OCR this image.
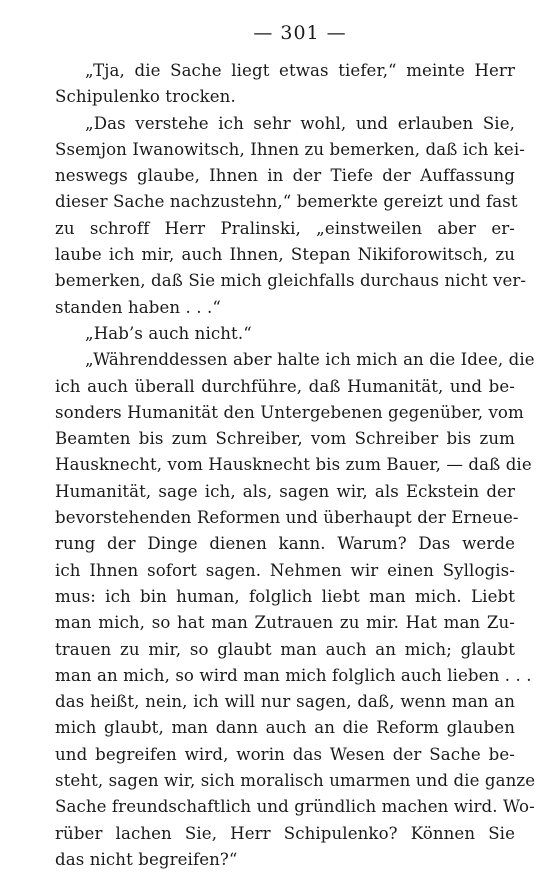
— 301 —
„Tja, die Sache liegt etwas tiefer,“ meinte Herr
Schipulenko trocken.
„Das verstehe ich sehr wohl, und erlauben Sie,
Ssemjon Iwanowitsch, Ihnen zu bemerken, daß ich kei-
neswegs glaube, Ihnen in der Tiefe der Auffassung
dieser Sache nachzustehn,“ bemerkte gereizt und fast
zu schroff Herr Pralinski, „einstweilen aber er-
laube ich mir, auch Ihnen, Stepan Nikiforowitsch, zu
bemerken, daß Sie mich gleichfalls durchaus nicht ver-
standen haben . . .“
„Hab’s auch nicht.“
„Währenddessen aber halte ich mich an die Idee, die
ich auch überall durchführe, daß Humanität, und be-
sonders Humanität den Untergebenen gegenüber, vom
Beamten bis zum Schreiber, vom Schreiber bis zum
Hausknecht, vom Hausknecht bis zum Bauer, — daß die
Humanität, sage ich, als, sagen wir, als Eckstein der
bevorstehenden Reformen und überhaupt der Erneue-
rung der Dinge dienen kann. Warum? Das werde
ich Ihnen sofort sagen. Nehmen wir einen Syllogis-
mus: ich bin human, folglich liebt man mich. Liebt
man mich, so hat man Zutrauen zu mir. Hat man Zu-
trauen zu mir, so glaubt man auch an mich; glaubt
man an mich, so wird man mich folglich auch lieben . . .
das heißt, nein, ich will nur sagen, daß, wenn man an
mich glaubt, man dann auch an die Reform glauben
und begreifen wird, worin das Wesen der Sache be-
steht, sagen wir, sich moralisch umarmen und die ganze
Sache freundschaftlich und gründlich machen wird. Wo-
rüber lachen Sie, Herr Schipulenko? Können Sie
das nicht begreifen?“
